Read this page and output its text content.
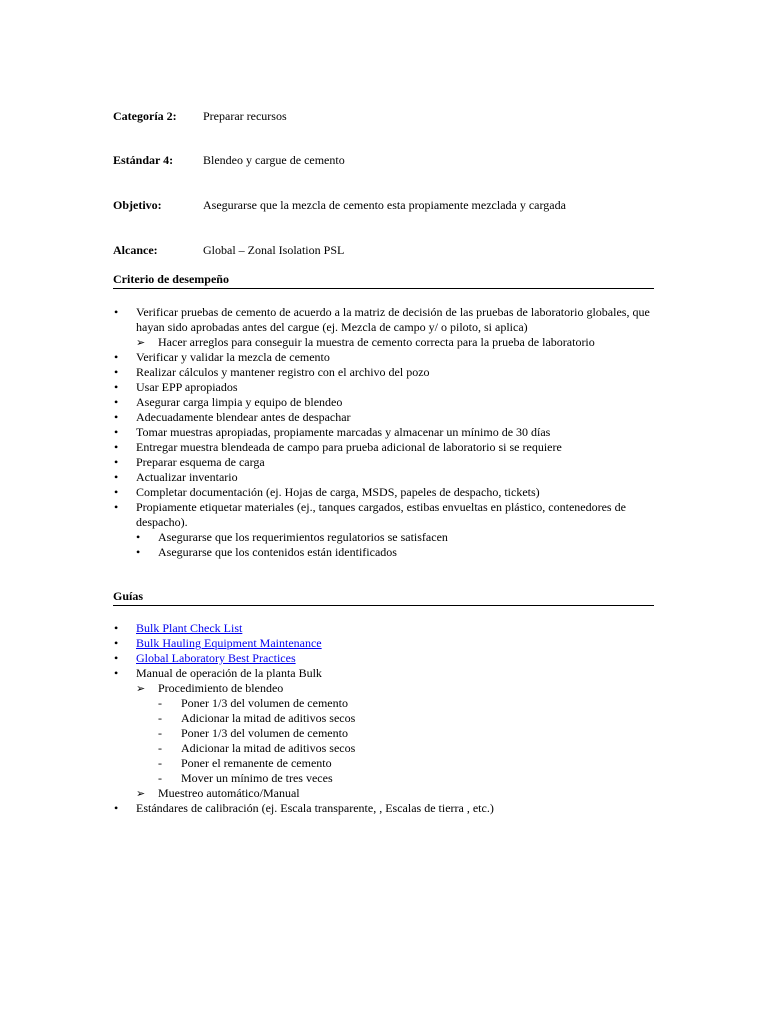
Categoría 2: Preparar recursos
Estándar 4: Blendeo y cargue de cemento
Objetivo:	Asegurarse que la mezcla de cemento esta propiamente mezclada y cargada
Alcance:	Global – Zonal Isolation PSL
Criterio de desempeño
• Verificar pruebas de cemento de acuerdo a la matriz de decisión de las pruebas de laboratorio globales, que hayan sido aprobadas antes del cargue (ej. Mezcla de campo y/ o piloto, si aplica)
➢ Hacer arreglos para conseguir la muestra de cemento correcta para la prueba de laboratorio
• Verificar y validar la mezcla de cemento
• Realizar cálculos y mantener registro con el archivo del pozo
• Usar EPP apropiados
• Asegurar carga limpia y equipo de blendeo
• Adecuadamente blendear antes de despachar
• Tomar muestras apropiadas, propiamente marcadas y almacenar un mínimo de 30 días
• Entregar muestra blendeada de campo para prueba adicional de laboratorio si se requiere
• Preparar esquema de carga
• Actualizar inventario
• Completar documentación (ej. Hojas de carga, MSDS, papeles de despacho, tickets)
• Propiamente etiquetar materiales (ej., tanques cargados, estibas envueltas en plástico, contenedores de despacho).
• Asegurarse que los requerimientos regulatorios se satisfacen
• Asegurarse que los contenidos están identificados
Guías
• Bulk Plant Check List
• Bulk Hauling Equipment Maintenance
• Global Laboratory Best Practices
• Manual de operación de la planta Bulk
➢ Procedimiento de blendeo
- Poner 1/3 del volumen de cemento
- Adicionar la mitad de aditivos secos
- Poner 1/3 del volumen de cemento
- Adicionar la mitad de aditivos secos
- Poner el remanente de cemento
- Mover un mínimo de tres veces
➢ Muestreo automático/Manual
• Estándares de calibración (ej. Escala transparente, , Escalas de tierra , etc.)
